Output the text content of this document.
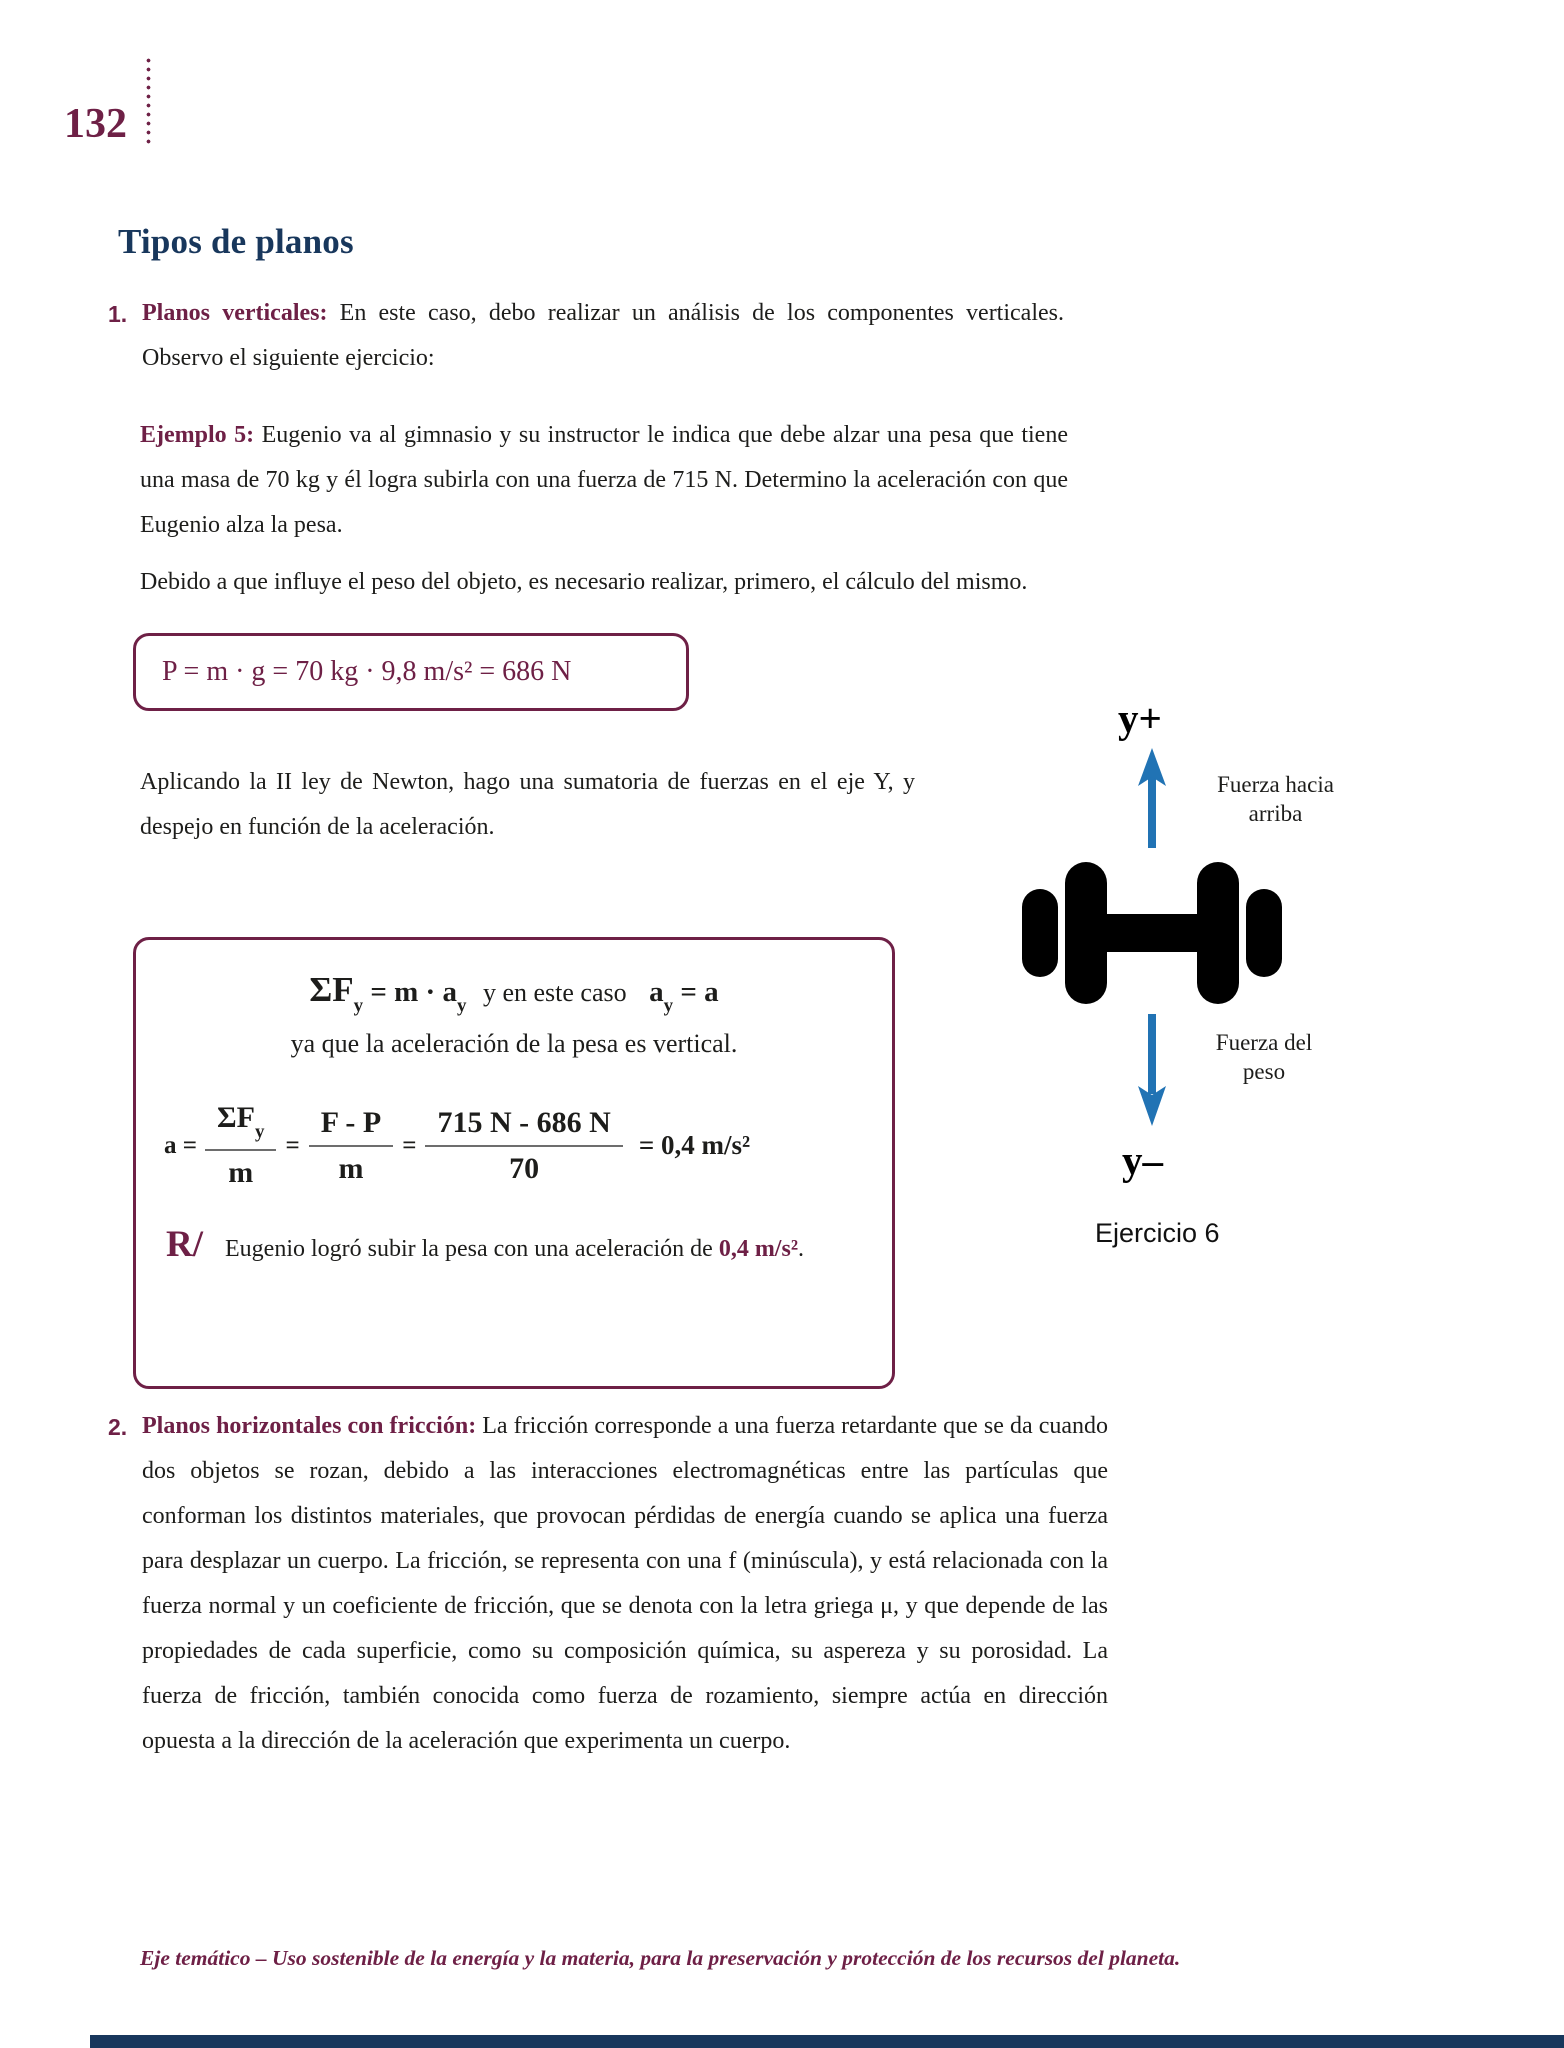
132
Tipos de planos
1. Planos verticales: En este caso, debo realizar un análisis de los componentes verticales. Observo el siguiente ejercicio:

Ejemplo 5: Eugenio va al gimnasio y su instructor le indica que debe alzar una pesa que tiene una masa de 70 kg y él logra subirla con una fuerza de 715 N. Determino la aceleración con que Eugenio alza la pesa.

Debido a que influye el peso del objeto, es necesario realizar, primero, el cálculo del mismo.

P = m · g = 70 kg · 9,8 m/s² = 686 N

Aplicando la II ley de Newton, hago una sumatoria de fuerzas en el eje Y, y despejo en función de la aceleración.

$\Sigma F_y = m \cdot a_y$ y en este caso $a_y = a$
ya que la aceleración de la pesa es vertical.
$a = \frac{\Sigma F_y}{m} = \frac{F - P}{m} = \frac{715 N - 686 N}{70} = 0,4$ m/s²

R/ Eugenio logró subir la pesa con una aceleración de 0,4 m/s².

y+
Fuerza hacia arriba
Fuerza del peso
y–
Ejercicio 6
2. Planos horizontales con fricción: La fricción corresponde a una fuerza retardante que se da cuando dos objetos se rozan, debido a las interacciones electromagnéticas entre las partículas que conforman los distintos materiales, que provocan pérdidas de energía cuando se aplica una fuerza para desplazar un cuerpo. La fricción, se representa con una f (minúscula), y está relacionada con la fuerza normal y un coeficiente de fricción, que se denota con la letra griega μ, y que depende de las propiedades de cada superficie, como su composición química, su aspereza y su porosidad. La fuerza de fricción, también conocida como fuerza de rozamiento, siempre actúa en dirección opuesta a la dirección de la aceleración que experimenta un cuerpo.

Eje temático – Uso sostenible de la energía y la materia, para la preservación y protección de los recursos del planeta.
